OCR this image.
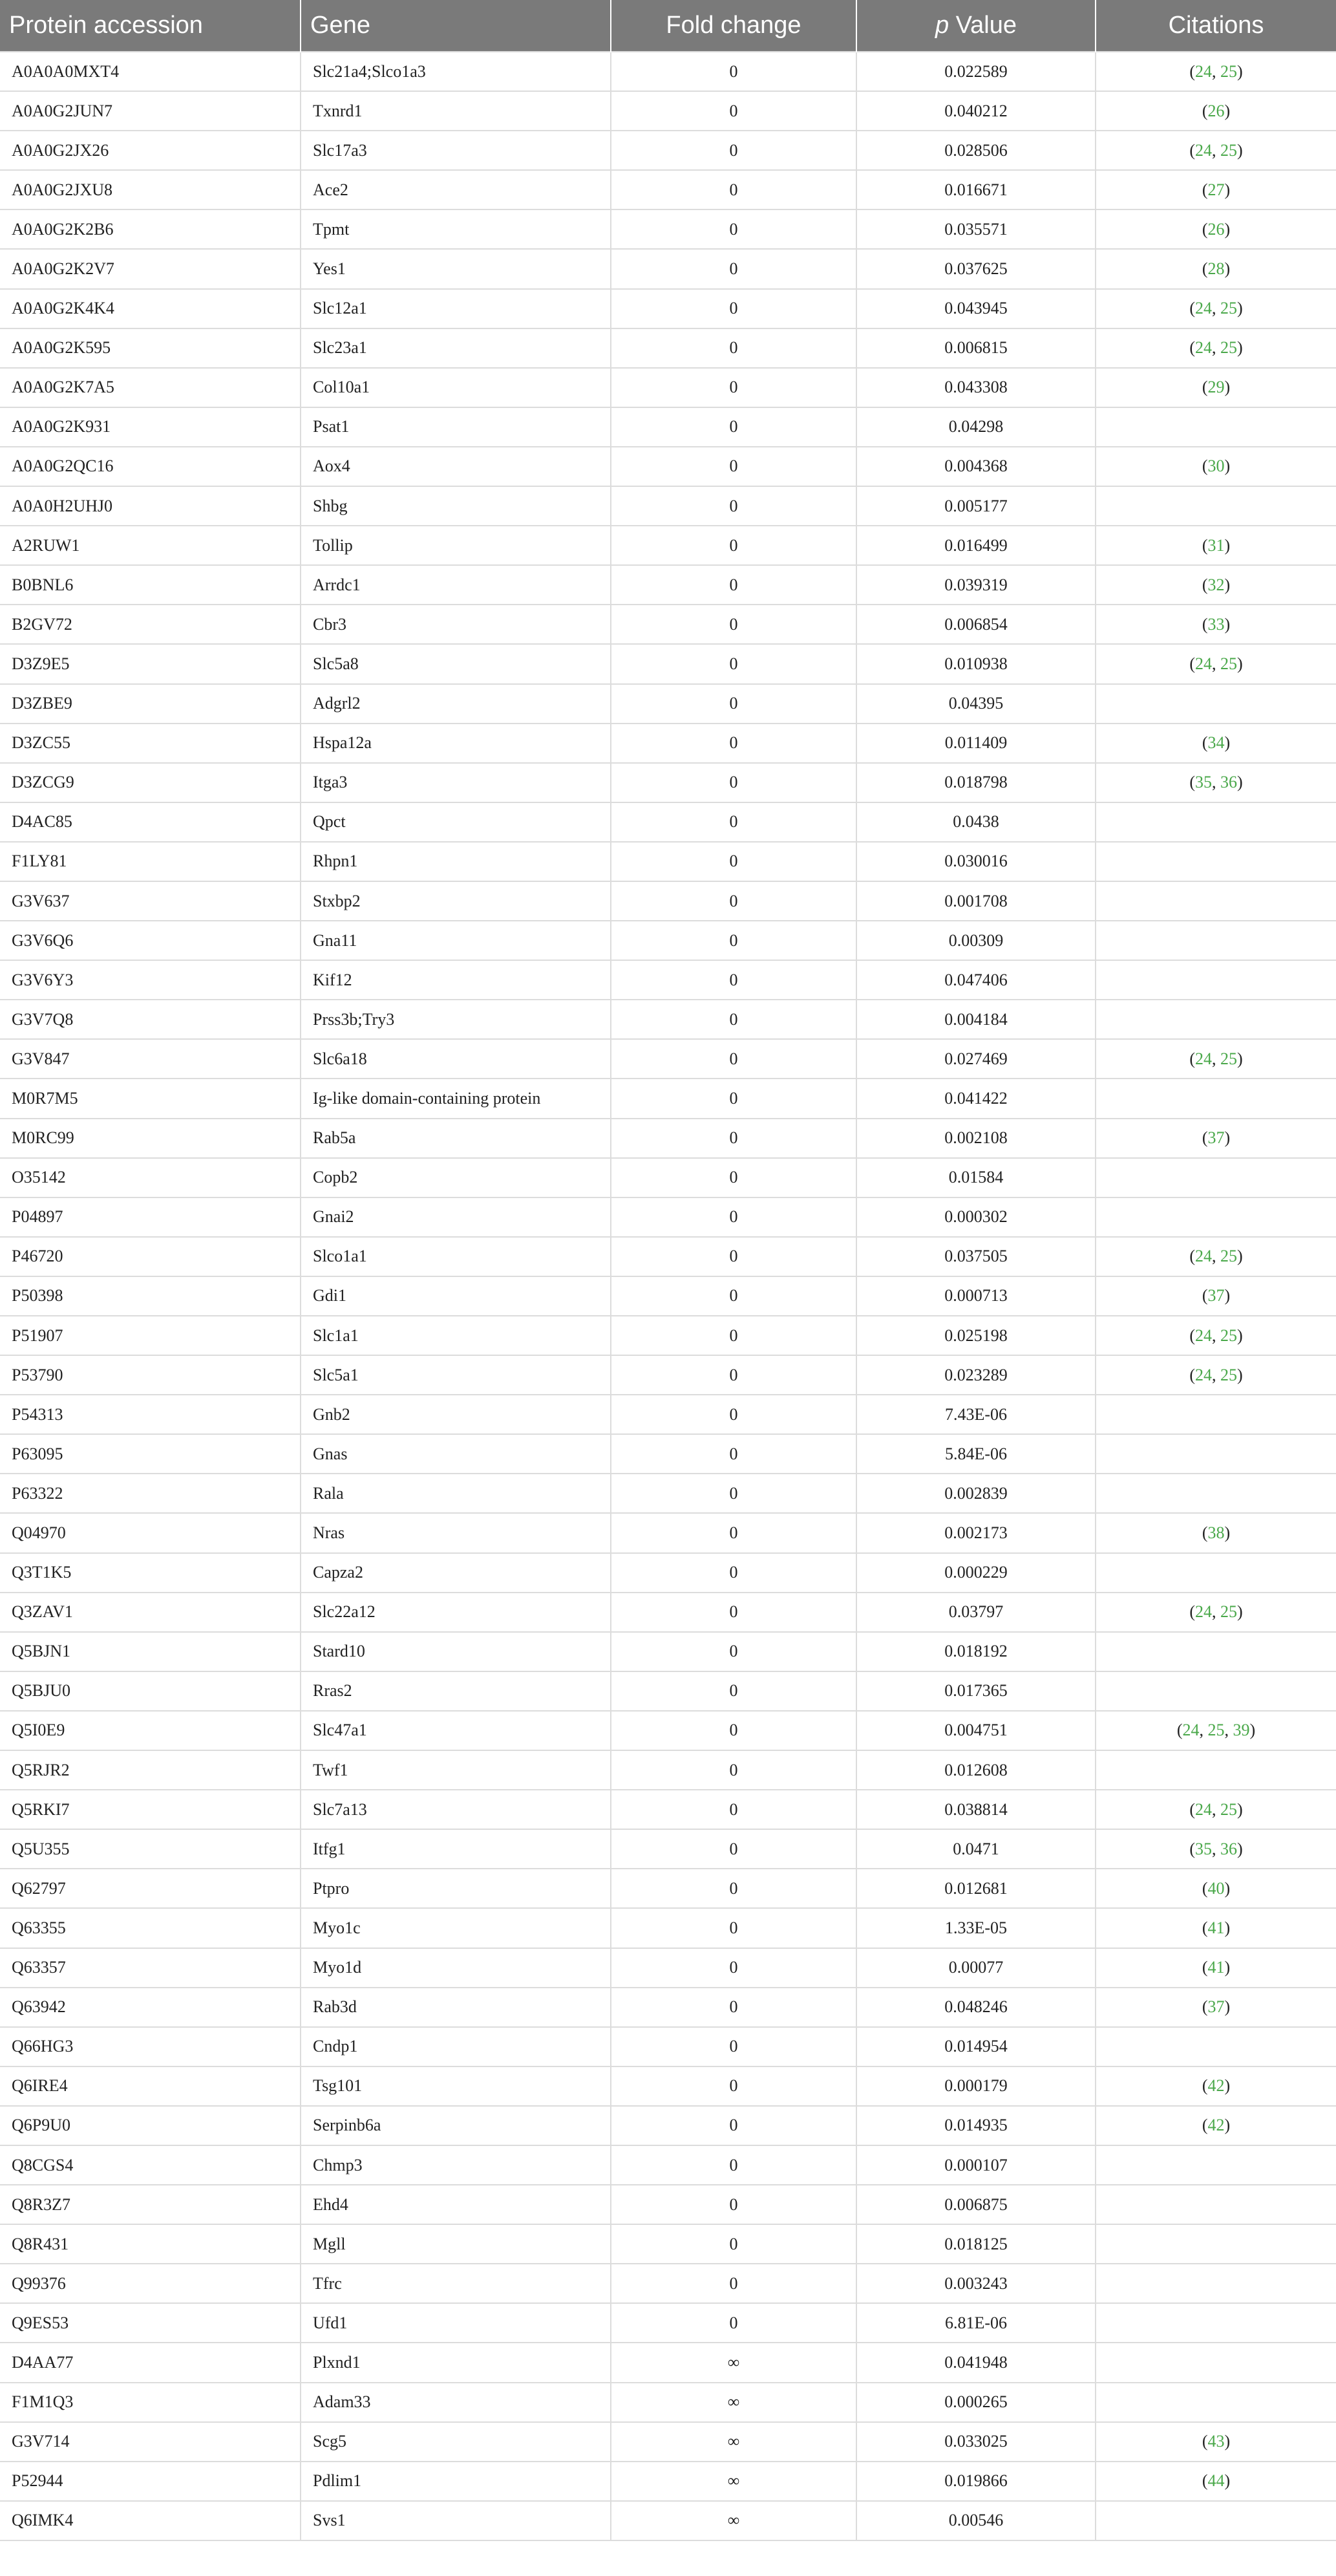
Protein accession	Gene	Fold change	p Value	Citations
A0A0A0MXT4	Slc21a4;Slco1a3	0	0.022589	(24, 25)
A0A0G2JUN7	Txnrd1	0	0.040212	(26)
A0A0G2JX26	Slc17a3	0	0.028506	(24, 25)
A0A0G2JXU8	Ace2	0	0.016671	(27)
A0A0G2K2B6	Tpmt	0	0.035571	(26)
A0A0G2K2V7	Yes1	0	0.037625	(28)
A0A0G2K4K4	Slc12a1	0	0.043945	(24, 25)
A0A0G2K595	Slc23a1	0	0.006815	(24, 25)
A0A0G2K7A5	Col10a1	0	0.043308	(29)
A0A0G2K931	Psat1	0	0.04298	
A0A0G2QC16	Aox4	0	0.004368	(30)
A0A0H2UHJ0	Shbg	0	0.005177	
A2RUW1	Tollip	0	0.016499	(31)
B0BNL6	Arrdc1	0	0.039319	(32)
B2GV72	Cbr3	0	0.006854	(33)
D3Z9E5	Slc5a8	0	0.010938	(24, 25)
D3ZBE9	Adgrl2	0	0.04395	
D3ZC55	Hspa12a	0	0.011409	(34)
D3ZCG9	Itga3	0	0.018798	(35, 36)
D4AC85	Qpct	0	0.0438	
F1LY81	Rhpn1	0	0.030016	
G3V637	Stxbp2	0	0.001708	
G3V6Q6	Gna11	0	0.00309	
G3V6Y3	Kif12	0	0.047406	
G3V7Q8	Prss3b;Try3	0	0.004184	
G3V847	Slc6a18	0	0.027469	(24, 25)
M0R7M5	Ig-like domain-containing protein	0	0.041422	
M0RC99	Rab5a	0	0.002108	(37)
O35142	Copb2	0	0.01584	
P04897	Gnai2	0	0.000302	
P46720	Slco1a1	0	0.037505	(24, 25)
P50398	Gdi1	0	0.000713	(37)
P51907	Slc1a1	0	0.025198	(24, 25)
P53790	Slc5a1	0	0.023289	(24, 25)
P54313	Gnb2	0	7.43E-06	
P63095	Gnas	0	5.84E-06	
P63322	Rala	0	0.002839	
Q04970	Nras	0	0.002173	(38)
Q3T1K5	Capza2	0	0.000229	
Q3ZAV1	Slc22a12	0	0.03797	(24, 25)
Q5BJN1	Stard10	0	0.018192	
Q5BJU0	Rras2	0	0.017365	
Q5I0E9	Slc47a1	0	0.004751	(24, 25, 39)
Q5RJR2	Twf1	0	0.012608	
Q5RKI7	Slc7a13	0	0.038814	(24, 25)
Q5U355	Itfg1	0	0.0471	(35, 36)
Q62797	Ptpro	0	0.012681	(40)
Q63355	Myo1c	0	1.33E-05	(41)
Q63357	Myo1d	0	0.00077	(41)
Q63942	Rab3d	0	0.048246	(37)
Q66HG3	Cndp1	0	0.014954	
Q6IRE4	Tsg101	0	0.000179	(42)
Q6P9U0	Serpinb6a	0	0.014935	(42)
Q8CGS4	Chmp3	0	0.000107	
Q8R3Z7	Ehd4	0	0.006875	
Q8R431	Mgll	0	0.018125	
Q99376	Tfrc	0	0.003243	
Q9ES53	Ufd1	0	6.81E-06	
D4AA77	Plxnd1	∞	0.041948	
F1M1Q3	Adam33	∞	0.000265	
G3V714	Scg5	∞	0.033025	(43)
P52944	Pdlim1	∞	0.019866	(44)
Q6IMK4	Svs1	∞	0.00546	
